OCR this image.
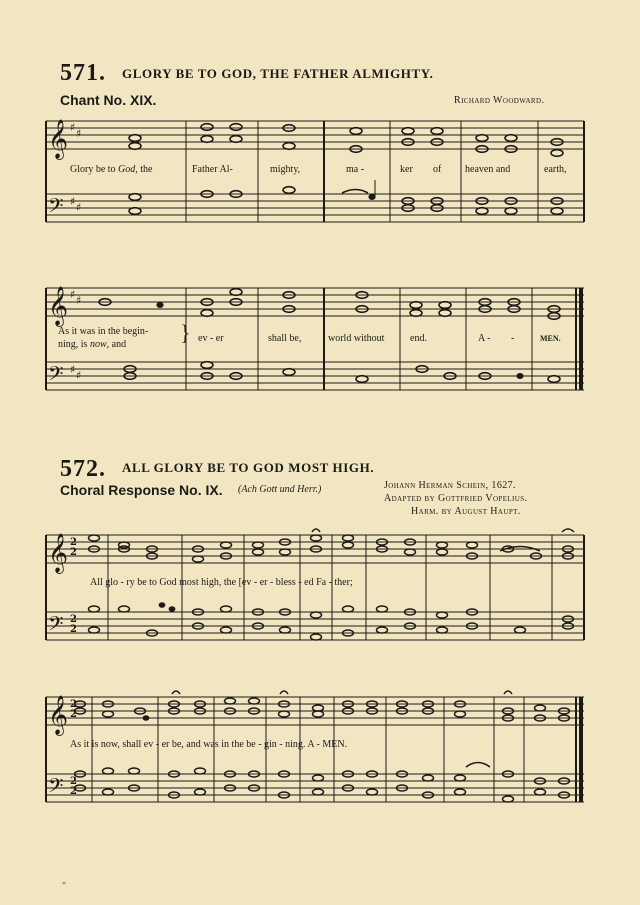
571. GLORY BE TO GOD, THE FATHER ALMIGHTY.
Chant No. XIX.	Richard Woodward.
𝄞 ♯ ♯
𝄢 ♯ ♯
Glory be to God, the	Father Al-	mighty,	ma -	ker of heaven and	earth,
𝄞 ♯ ♯
𝄢 ♯ ♯
}
As it was in the begin-
ning, is now, and
ev - er	shall be,	world without	end.	A - -	MEN.
572. ALL GLORY BE TO GOD MOST HIGH.
Choral Response No. IX. (Ach Gott und Herr.)	Johann Herman Schein, 1627.
Adapted by Gottfried Vopelius.
Harm. by August Haupt.
𝄞 2
2
𝄢 2
2
All glo - ry be to God most high, the [ev - er - bless - ed Fa - ther;
𝄞 2
2
𝄢 2
2
As it is now, shall ev - er be, and was in the be - gin - ning. A - MEN.
*
